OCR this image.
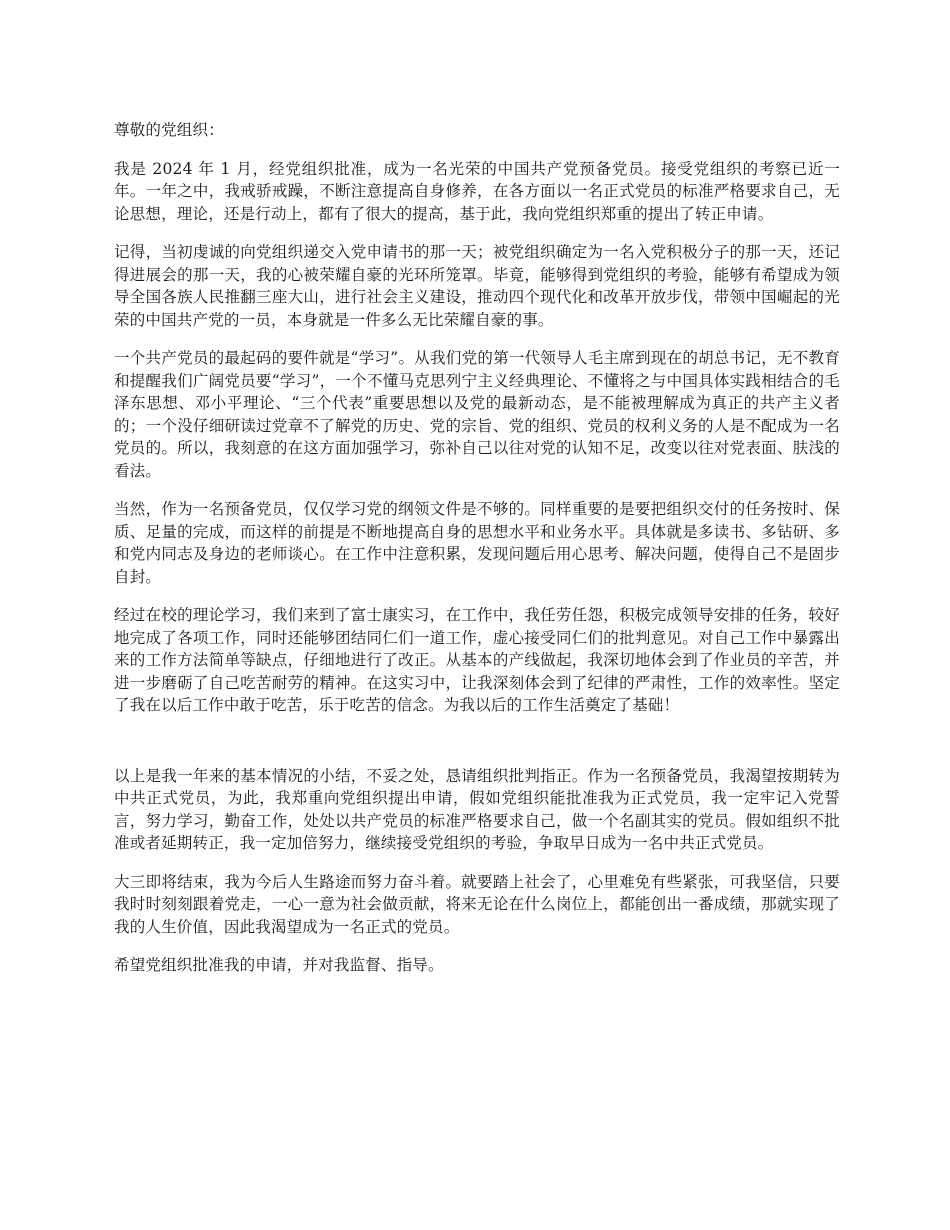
尊敬的党组织：

我是 2024 年 1 月，经党组织批准，成为一名光荣的中国共产党预备党员。接受党组织的考察已近一年。一年之中，我戒骄戒躁，不断注意提高自身修养，在各方面以一名正式党员的标准严格要求自己，无论思想，理论，还是行动上，都有了很大的提高，基于此，我向党组织郑重的提出了转正申请。

记得，当初虔诚的向党组织递交入党申请书的那一天；被党组织确定为一名入党积极分子的那一天，还记得进展会的那一天，我的心被荣耀自豪的光环所笼罩。毕竟，能够得到党组织的考验，能够有希望成为领导全国各族人民推翻三座大山，进行社会主义建设，推动四个现代化和改革开放步伐，带领中国崛起的光荣的中国共产党的一员，本身就是一件多么无比荣耀自豪的事。

一个共产党员的最起码的要件就是“学习”。从我们党的第一代领导人毛主席到现在的胡总书记，无不教育和提醒我们广阔党员要“学习”，一个不懂马克思列宁主义经典理论、不懂将之与中国具体实践相结合的毛泽东思想、邓小平理论、“三个代表”重要思想以及党的最新动态，是不能被理解成为真正的共产主义者的；一个没仔细研读过党章不了解党的历史、党的宗旨、党的组织、党员的权利义务的人是不配成为一名党员的。所以，我刻意的在这方面加强学习，弥补自己以往对党的认知不足，改变以往对党表面、肤浅的看法。

当然，作为一名预备党员，仅仅学习党的纲领文件是不够的。同样重要的是要把组织交付的任务按时、保质、足量的完成，而这样的前提是不断地提高自身的思想水平和业务水平。具体就是多读书、多钻研、多和党内同志及身边的老师谈心。在工作中注意积累，发现问题后用心思考、解决问题，使得自己不是固步自封。

经过在校的理论学习，我们来到了富士康实习，在工作中，我任劳任怨，积极完成领导安排的任务，较好地完成了各项工作，同时还能够团结同仁们一道工作，虚心接受同仁们的批判意见。对自己工作中暴露出来的工作方法简单等缺点，仔细地进行了改正。从基本的产线做起，我深切地体会到了作业员的辛苦，并进一步磨砺了自己吃苦耐劳的精神。在这实习中，让我深刻体会到了纪律的严肃性，工作的效率性。坚定了我在以后工作中敢于吃苦，乐于吃苦的信念。为我以后的工作生活奠定了基础！

以上是我一年来的基本情况的小结，不妥之处，恳请组织批判指正。作为一名预备党员，我渴望按期转为中共正式党员，为此，我郑重向党组织提出申请，假如党组织能批准我为正式党员，我一定牢记入党誓言，努力学习，勤奋工作，处处以共产党员的标准严格要求自己，做一个名副其实的党员。假如组织不批准或者延期转正，我一定加倍努力，继续接受党组织的考验，争取早日成为一名中共正式党员。

大三即将结束，我为今后人生路途而努力奋斗着。就要踏上社会了，心里难免有些紧张，可我坚信，只要我时时刻刻跟着党走，一心一意为社会做贡献，将来无论在什么岗位上，都能创出一番成绩，那就实现了我的人生价值，因此我渴望成为一名正式的党员。

希望党组织批准我的申请，并对我监督、指导。
